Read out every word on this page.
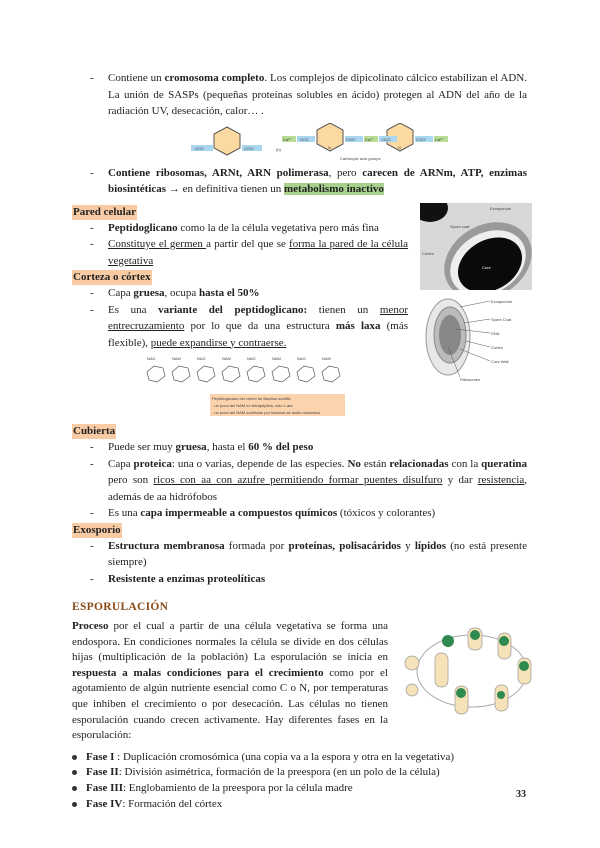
- Contiene un cromosoma completo. Los complejos de dipicolinato cálcico estabilizan el ADN. La unión de SASPs (pequeñas proteínas solubles en ácido) protegen al ADN del año de la radiación UV, desecación, calor… .
⁻OOC	COO⁻
Ca²⁺ ⁻OOC
N
COO⁻ Ca²⁺ ⁻OOC
N
COO⁻ Ca²⁺
(b)
Carboxylic acid groups
- Contiene ribosomas, ARNt, ARN polimerasa, pero carecen de ARNm, ATP, enzimas biosintéticas → en definitiva tienen un metabolismo inactivo
Pared celular
- Peptidoglicano como la de la célula vegetativa pero más fina
- Constituye el germen a partir del que se forma la pared de la célula vegetativa
Corteza o córtex
- Capa gruesa, ocupa hasta el 50%
- Es una variante del peptidoglicano: tienen un menor entrecruzamiento por lo que da una estructura más laxa (más flexible), puede expandirse y contraerse.
NAG	NAM	NAG	NAM	NAG	NAM	NAG	NAM
Peptidoglicano del cortex de Bacillus subtilis
- un poco del NAM en tetrapéptido, solo L-ala
- un poco del NAM sustituido por lactama de ácido murámico
Cubierta
- Puede ser muy gruesa, hasta el 60 % del peso
- Capa proteica: una o varias, depende de las especies. No están relacionadas con la queratina pero son ricos con aa con azufre permitiendo formar puentes disulfuro y dar resistencia, además de aa hidrófobos
- Es una capa impermeable a compuestos químicos (tóxicos y colorantes)
Exosporio
- Estructura membranosa formada por proteínas, polisacáridos y lípidos (no está presente siempre)
- Resistente a enzimas proteolíticas
ESPORULACIÓN
Proceso por el cual a partir de una célula vegetativa se forma una endospora. En condiciones normales la célula se divide en dos células hijas (multiplicación de la población) La esporulación se inicia en respuesta a malas condiciones para el crecimiento como por el agotamiento de algún nutriente esencial como C o N, por temperaturas que inhiben el crecimiento o por desecación. Las células no tienen esporulación cuando crecen activamente. Hay diferentes fases en la esporulación:
Fase I : Duplicación cromosómica (una copia va a la espora y otra en la vegetativa)
Fase II: División asimétrica, formación de la preespora (en un polo de la célula)
Fase III: Englobamiento de la preespora por la célula madre
Fase IV: Formación del córtex
Exosporium
Spore coat
Cortex
Core
Exosporium
Spore Coat
DNA
Cortex
Core Wall
Ribosomes
33
